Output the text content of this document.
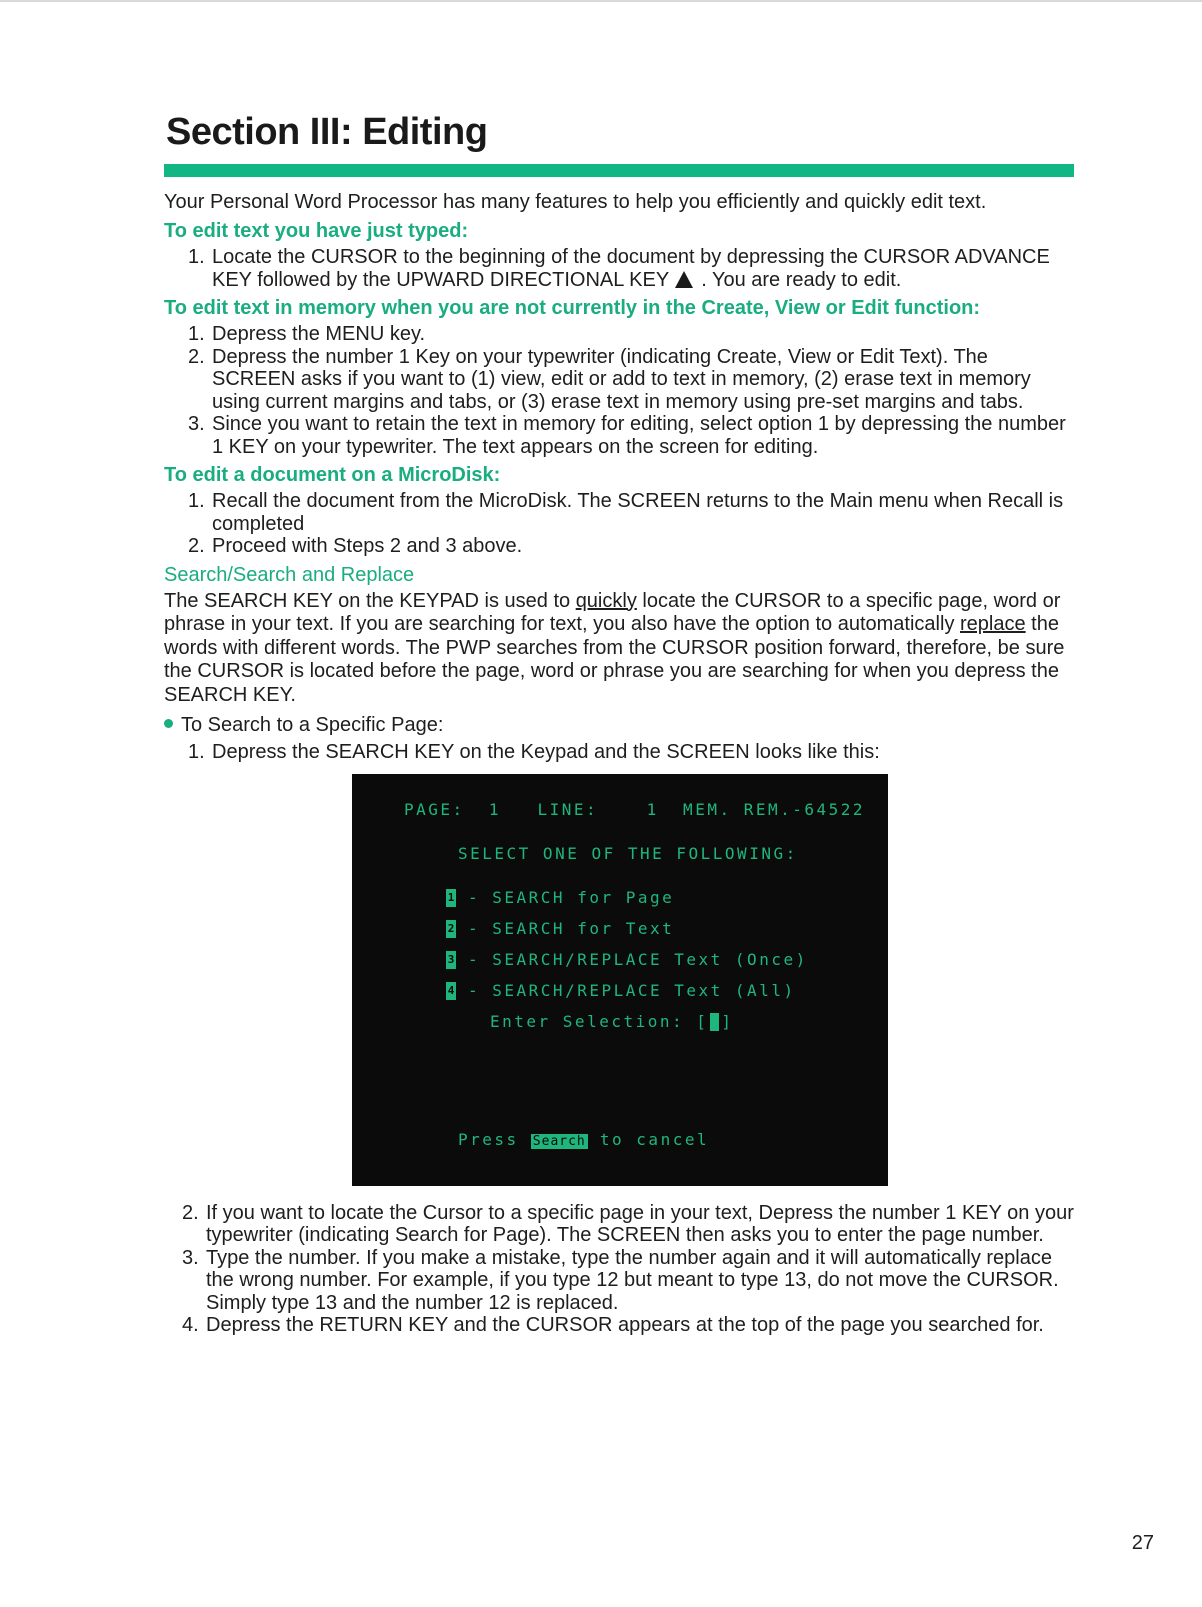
Section III: Editing

Your Personal Word Processor has many features to help you efficiently and quickly edit text.

To edit text you have just typed:
1. Locate the CURSOR to the beginning of the document by depressing the CURSOR ADVANCE KEY followed by the UPWARD DIRECTIONAL KEY . You are ready to edit.
To edit text in memory when you are not currently in the Create, View or Edit function:
1. Depress the MENU key.
2. Depress the number 1 Key on your typewriter (indicating Create, View or Edit Text). The SCREEN asks if you want to (1) view, edit or add to text in memory, (2) erase text in memory using current margins and tabs, or (3) erase text in memory using pre-set margins and tabs.
3. Since you want to retain the text in memory for editing, select option 1 by depressing the number 1 KEY on your typewriter. The text appears on the screen for editing.
To edit a document on a MicroDisk:
1. Recall the document from the MicroDisk. The SCREEN returns to the Main menu when Recall is completed
2. Proceed with Steps 2 and 3 above.
Search/Search and Replace

The SEARCH KEY on the KEYPAD is used to quickly locate the CURSOR to a specific page, word or phrase in your text. If you are searching for text, you also have the option to automatically replace the words with different words. The PWP searches from the CURSOR position forward, therefore, be sure the CURSOR is located before the page, word or phrase you are searching for when you depress the SEARCH KEY.

To Search to a Specific Page:
1. Depress the SEARCH KEY on the Keypad and the SCREEN looks like this:
PAGE:  1   LINE:    1  MEM. REM.-64522
SELECT ONE OF THE FOLLOWING:
1 - SEARCH for Page
2 - SEARCH for Text
3 - SEARCH/REPLACE Text (Once)
4 - SEARCH/REPLACE Text (All)
Enter Selection: [ ]
Press Search to cancel
2. If you want to locate the Cursor to a specific page in your text, Depress the number 1 KEY on your typewriter (indicating Search for Page). The SCREEN then asks you to enter the page number.
3. Type the number. If you make a mistake, type the number again and it will automatically replace the wrong number. For example, if you type 12 but meant to type 13, do not move the CURSOR. Simply type 13 and the number 12 is replaced.
4. Depress the RETURN KEY and the CURSOR appears at the top of the page you searched for.
27
